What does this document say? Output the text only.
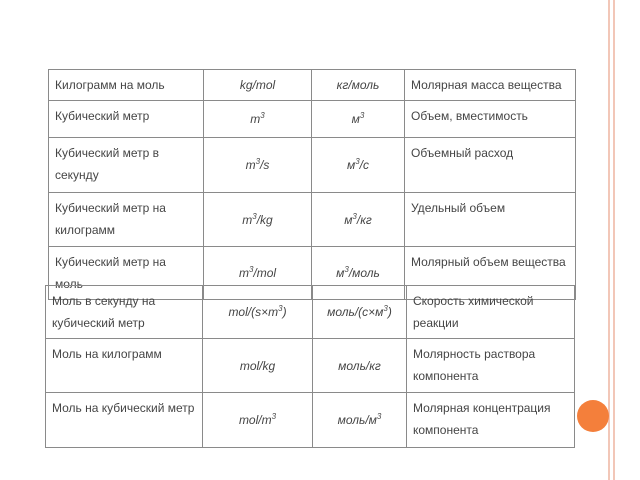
Килограмм на моль	kg/mol	кг/моль	Молярная масса вещества
Кубический метр	$m^3$	$м^3$	Объем, вместимость
Кубический метр в секунду	$m^3/s$	$м^3/с$	Объемный расход
Кубический метр на килограмм	$m^3/kg$	$м^3/кг$	Удельный объем
Кубический метр на моль	$m^3$/mol	$м^3$/моль	Молярный объем вещества
Моль в секунду на кубический метр	mol/$(s\times m^3)$	моль/$(с\times м^3)$	Скорость химической реакции
Моль на килограмм	mol/kg	моль/кг	Молярность раствора компонента
Моль на кубический метр	mol/$m^3$	моль/$м^3$	Молярная концентрация компонента
